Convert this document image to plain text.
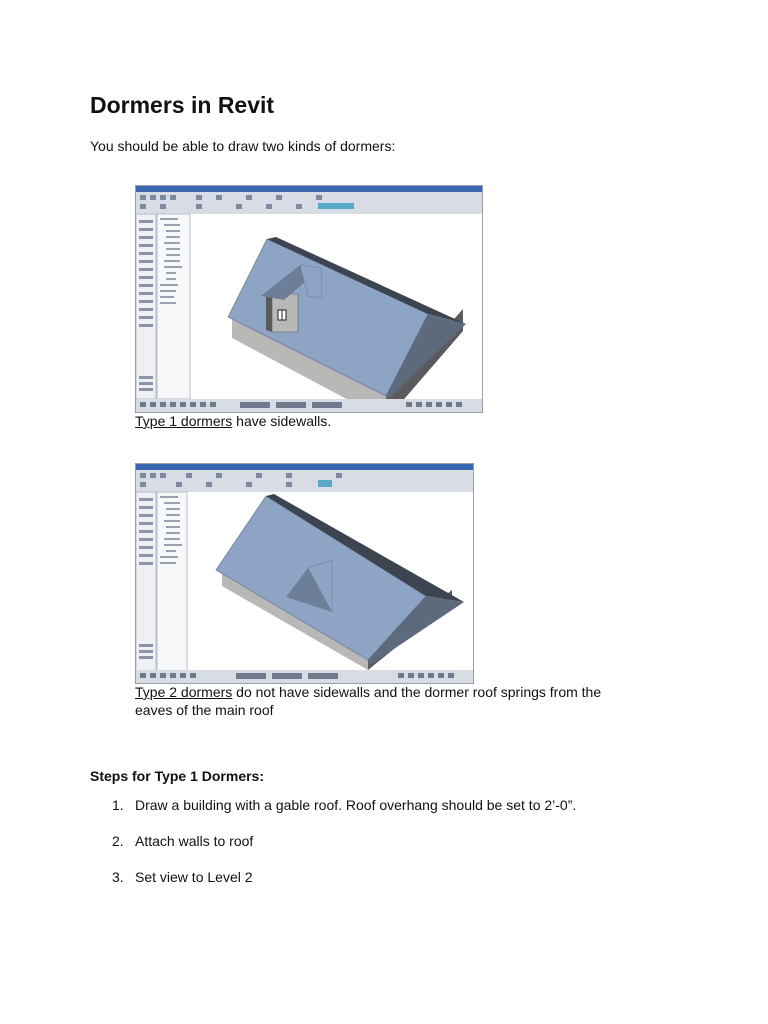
Dormers in Revit
You should be able to draw two kinds of dormers:
Type 1 dormers have sidewalls.
Type 2 dormers do not have sidewalls and the dormer roof springs from the
eaves of the main roof
Steps for Type 1 Dormers:
1. Draw a building with a gable roof. Roof overhang should be set to 2’-0”.
2. Attach walls to roof
3. Set view to Level 2
